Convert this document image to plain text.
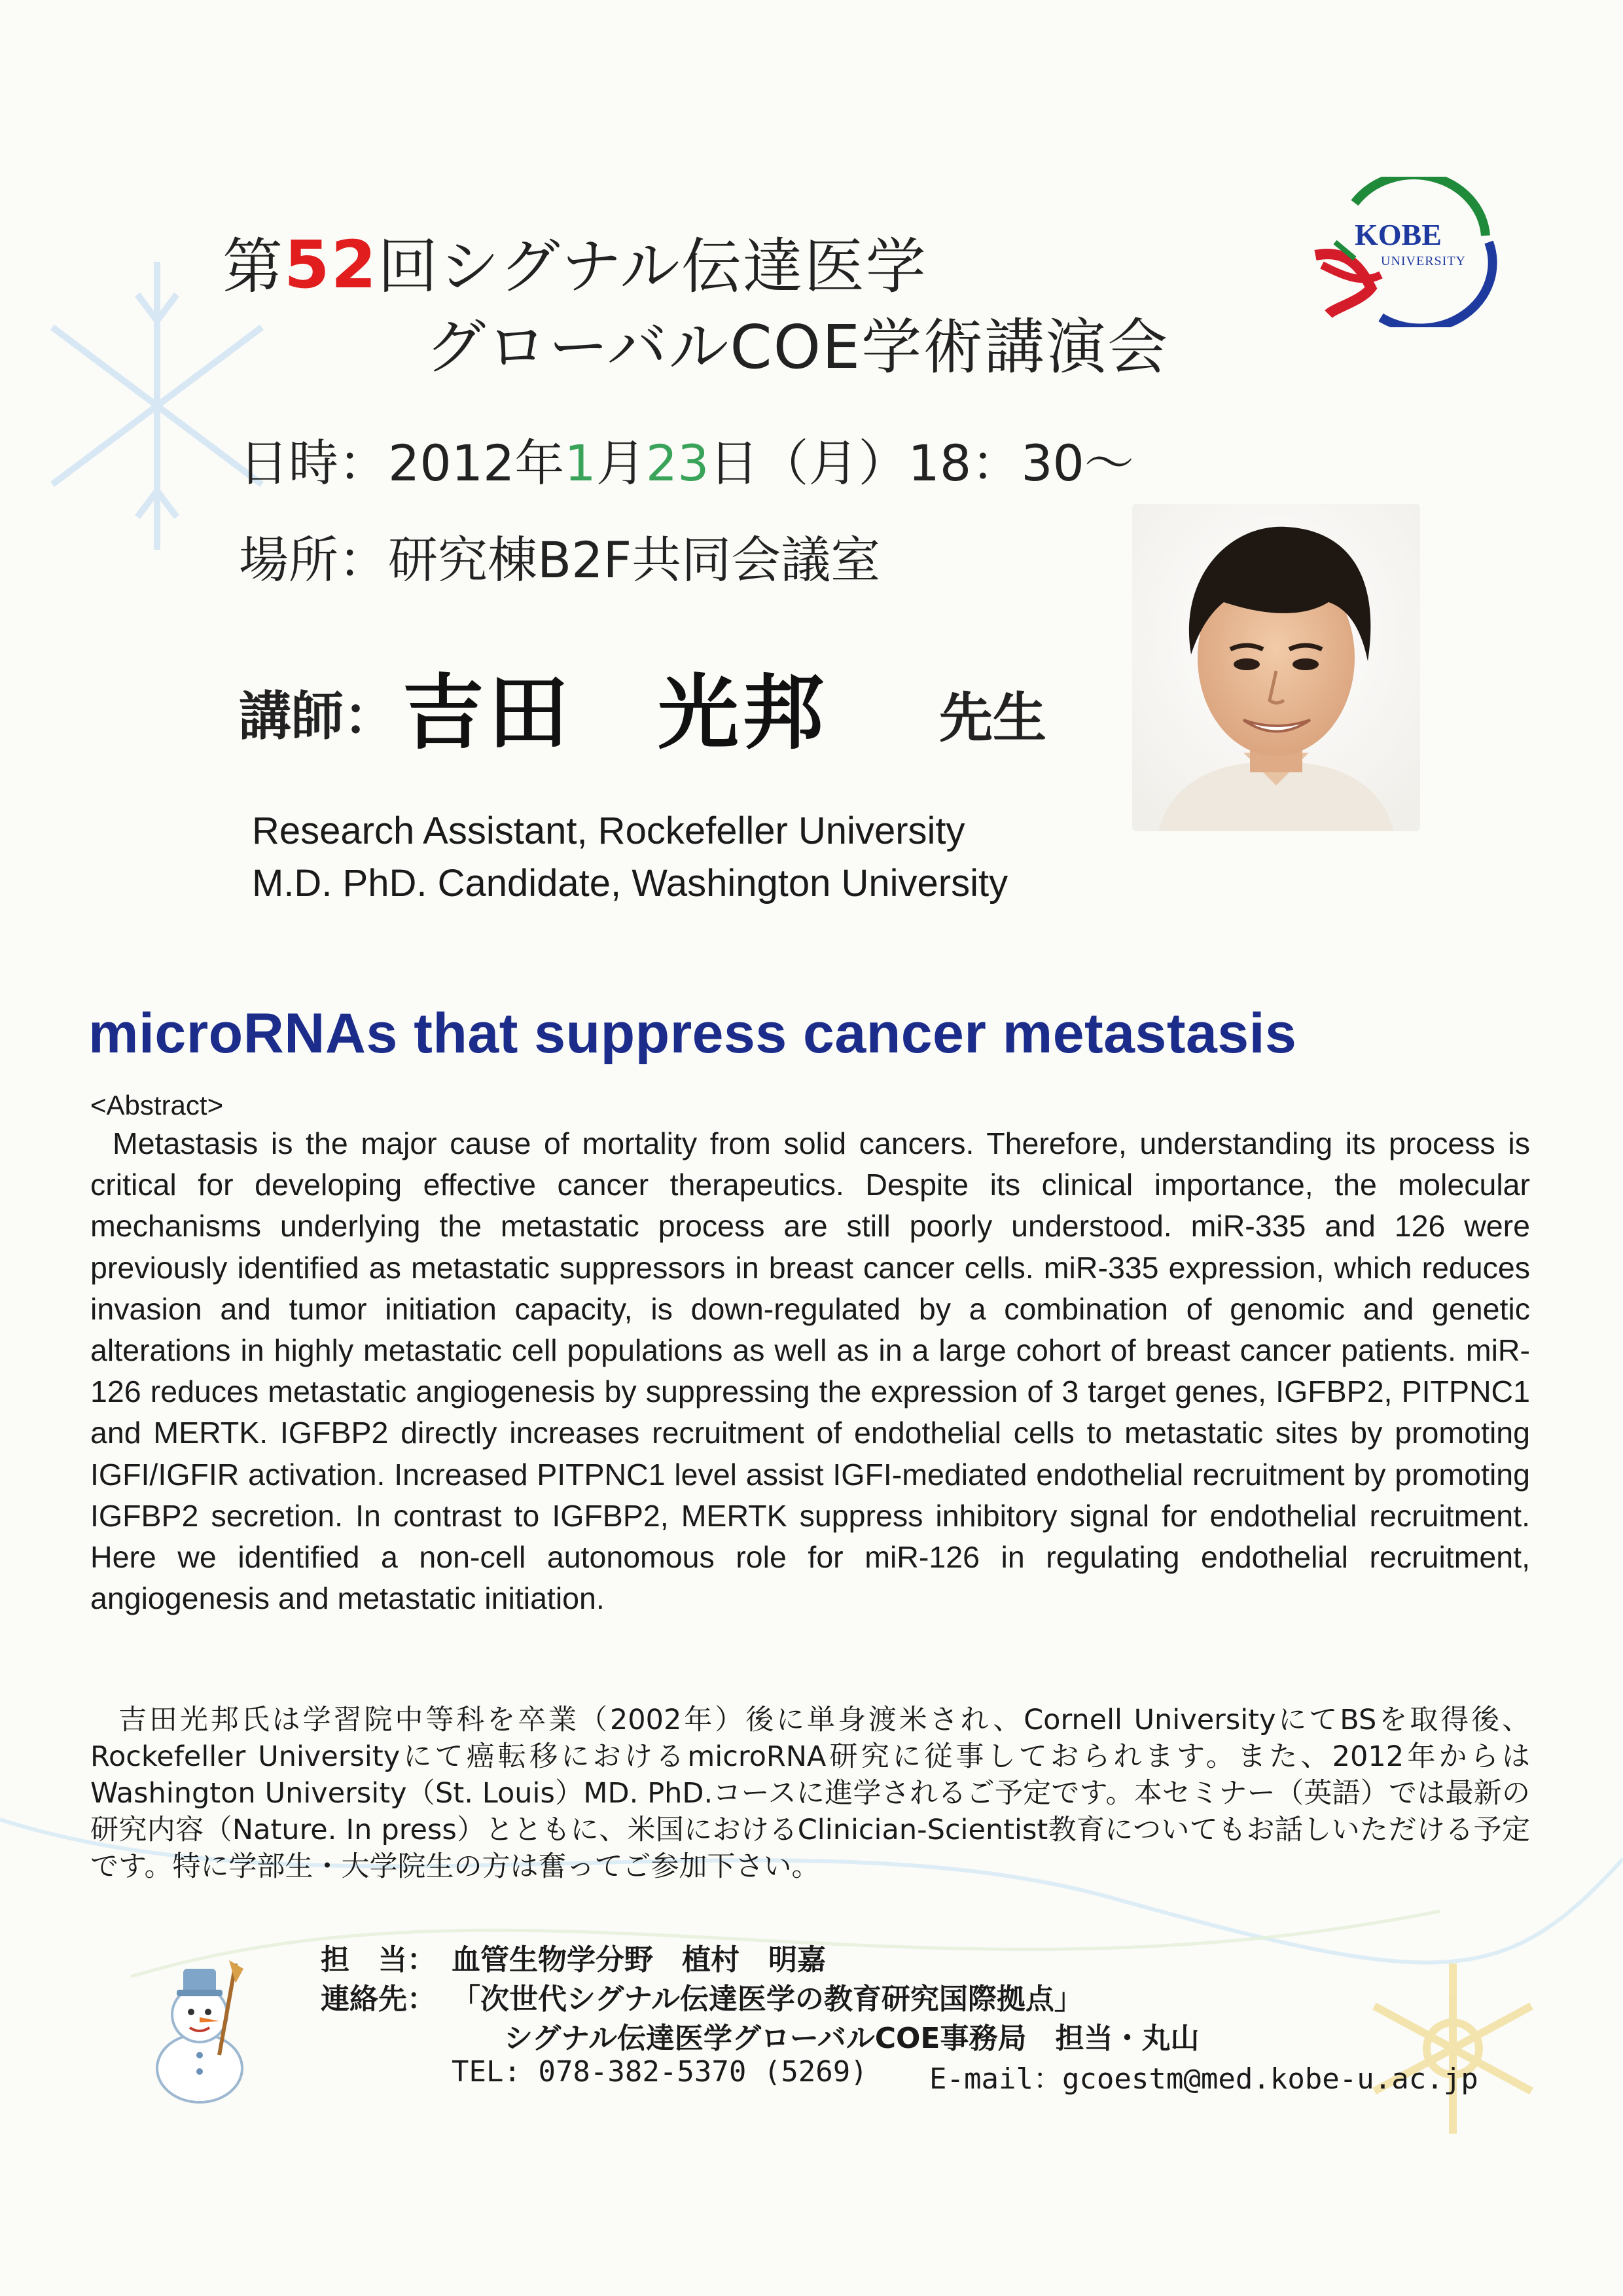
KOBE
UNIVERSITY
第52回シグナル伝達医学
グローバルCOE学術講演会
日時：2012年1月23日（月）18：30～
場所：研究棟B2F共同会議室
講師： 吉田　光邦 先生
Research Assistant, Rockefeller University
M.D. PhD. Candidate, Washington University
microRNAs that suppress cancer metastasis
<Abstract>
Metastasis is the major cause of mortality from solid cancers. Therefore, understanding its process is critical for developing effective cancer therapeutics. Despite its clinical importance, the molecular mechanisms underlying the metastatic process are still poorly understood. miR-335 and 126 were previously identified as metastatic suppressors in breast cancer cells. miR-335 expression, which reduces invasion and tumor initiation capacity, is down-regulated by a combination of genomic and genetic alterations in highly metastatic cell populations as well as in a large cohort of breast cancer patients. miR-126 reduces metastatic angiogenesis by suppressing the expression of 3 target genes, IGFBP2, PITPNC1 and MERTK. IGFBP2 directly increases recruitment of endothelial cells to metastatic sites by promoting IGFI/IGFIR activation. Increased PITPNC1 level assist IGFI-mediated endothelial recruitment by promoting IGFBP2 secretion. In contrast to IGFBP2, MERTK suppress inhibitory signal for endothelial recruitment. Here we identified a non-cell autonomous role for miR-126 in regulating endothelial recruitment, angiogenesis and metastatic initiation.
吉田光邦氏は学習院中等科を卒業（2002年）後に単身渡米され、Cornell UniversityにてBSを取得後、Rockefeller Universityにて癌転移におけるmicroRNA研究に従事しておられます。また、2012年からはWashington University（St. Louis）MD. PhD.コースに進学されるご予定です。本セミナー（英語）では最新の研究内容（Nature. In press）とともに、米国におけるClinician-Scientist教育についてもお話しいただける予定です。特に学部生・大学院生の方は奮ってご参加下さい。
担　当： 血管生物学分野　植村　明嘉
連絡先： 「次世代シグナル伝達医学の教育研究国際拠点」
シグナル伝達医学グローバルCOE事務局　担当・丸山
TEL: 078-382-5370 (5269) E-mail：gcoestm@med.kobe-u.ac.jp
